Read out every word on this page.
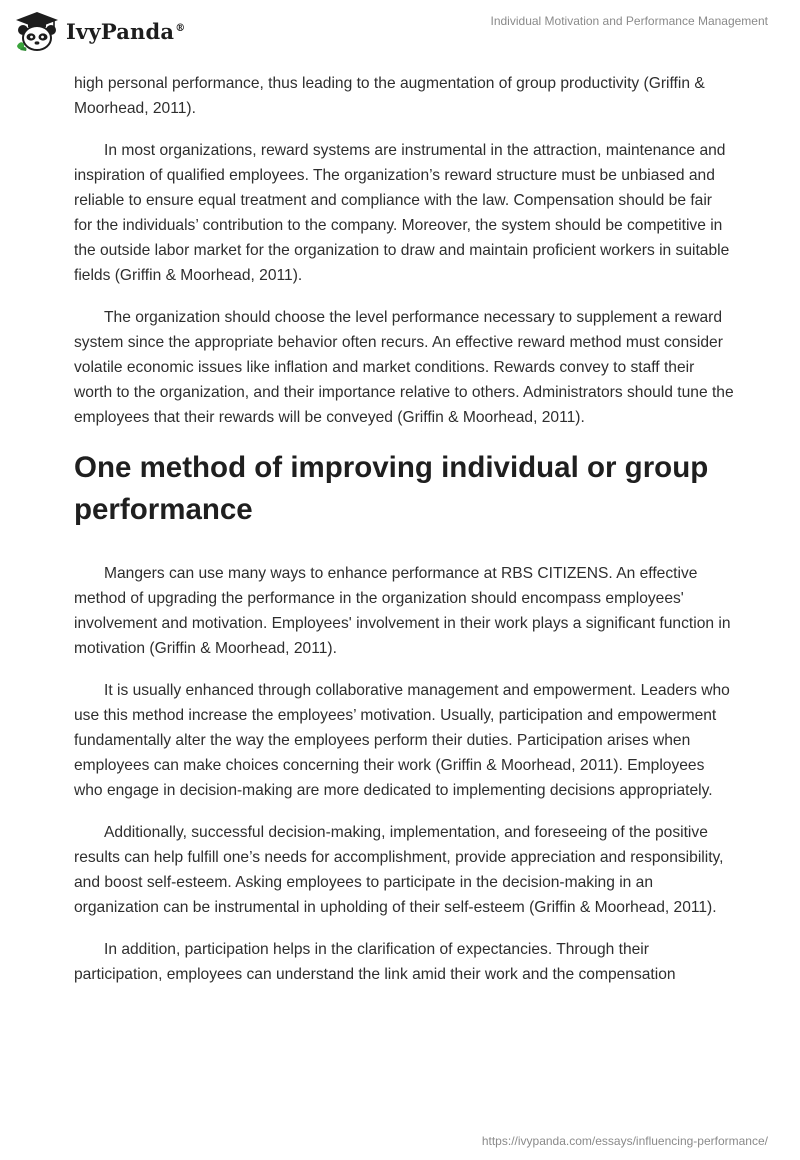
IvyPanda®	Individual Motivation and Performance Management

high personal performance, thus leading to the augmentation of group productivity (Griffin & Moorhead, 2011).

In most organizations, reward systems are instrumental in the attraction, maintenance and inspiration of qualified employees. The organization’s reward structure must be unbiased and reliable to ensure equal treatment and compliance with the law. Compensation should be fair for the individuals’ contribution to the company. Moreover, the system should be competitive in the outside labor market for the organization to draw and maintain proficient workers in suitable fields (Griffin & Moorhead, 2011).

The organization should choose the level performance necessary to supplement a reward system since the appropriate behavior often recurs. An effective reward method must consider volatile economic issues like inflation and market conditions. Rewards convey to staff their worth to the organization, and their importance relative to others. Administrators should tune the employees that their rewards will be conveyed (Griffin & Moorhead, 2011).

One method of improving individual or group performance

Mangers can use many ways to enhance performance at RBS CITIZENS. An effective method of upgrading the performance in the organization should encompass employees' involvement and motivation. Employees' involvement in their work plays a significant function in motivation (Griffin & Moorhead, 2011).

It is usually enhanced through collaborative management and empowerment. Leaders who use this method increase the employees’ motivation. Usually, participation and empowerment fundamentally alter the way the employees perform their duties. Participation arises when employees can make choices concerning their work (Griffin & Moorhead, 2011). Employees who engage in decision-making are more dedicated to implementing decisions appropriately.

Additionally, successful decision-making, implementation, and foreseeing of the positive results can help fulfill one’s needs for accomplishment, provide appreciation and responsibility, and boost self-esteem. Asking employees to participate in the decision-making in an organization can be instrumental in upholding of their self-esteem (Griffin & Moorhead, 2011).

In addition, participation helps in the clarification of expectancies. Through their participation, employees can understand the link amid their work and the compensation

https://ivypanda.com/essays/influencing-performance/
